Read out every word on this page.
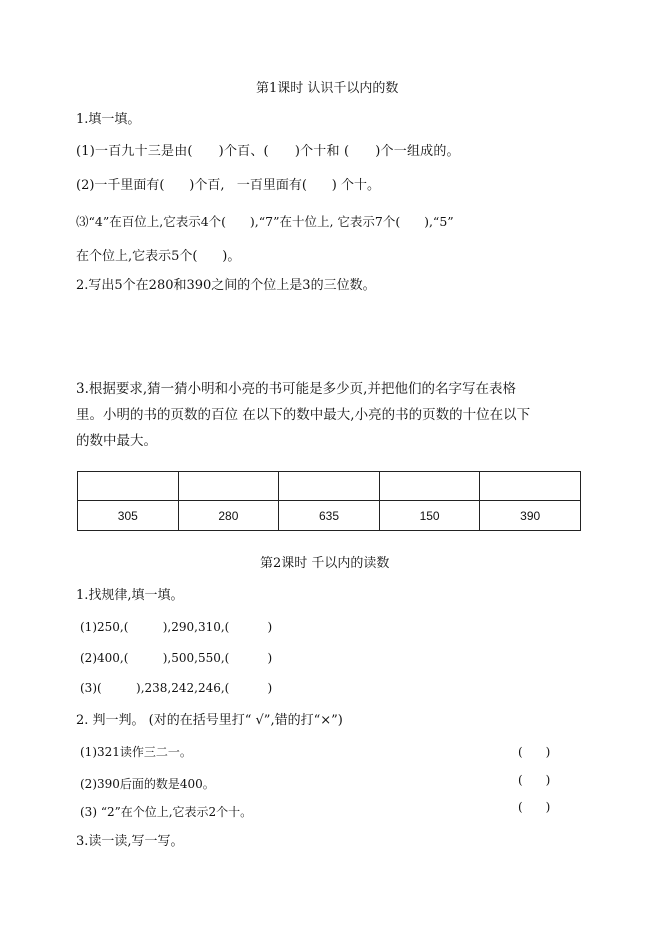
第1课时 认识千以内的数
1.填一填。
(1)一百九十三是由(      )个百、(      )个十和 (      )个一组成的。
(2)一千里面有(      )个百,   一百里面有(      ) 个十。
⑶“4”在百位上,它表示4个(      ),“7”在十位上, 它表示7个(      ),“5”
在个位上,它表示5个(      )。
2.写出5个在280和390之间的个位上是3的三位数。
3.根据要求,猜一猜小明和小亮的书可能是多少页,并把他们的名字写在表格
里。小明的书的页数的百位 在以下的数中最大,小亮的书的页数的十位在以下
的数中最大。

305	280	635	150	390
第2课时 千以内的读数
1.找规律,填一填。
(1)250,(         ),290,310,(          )
(2)400,(         ),500,550,(          )
(3)(         ),238,242,246,(          )
2. 判一判。 (对的在括号里打“ √”,错的打“×”)
(1)321读作三二一。	(      )
(2)390后面的数是400。	(      )
(3) “2”在个位上,它表示2个十。	(      )
3.读一读,写一写。
